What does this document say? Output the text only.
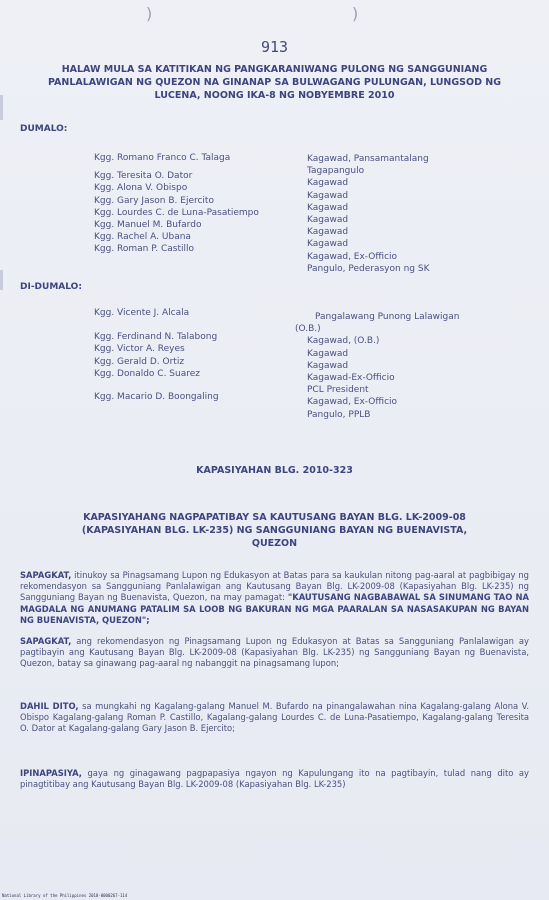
)	)
913
HALAW MULA SA KATITIKAN NG PANGKARANIWANG PULONG NG SANGGUNIANG
PANLALAWIGAN NG QUEZON NA GINANAP SA BULWAGANG PULUNGAN, LUNGSOD NG
LUCENA, NOONG IKA-8 NG NOBYEMBRE 2010
DUMALO:
Kgg. Romano Franco C. Talaga
Kgg. Teresita O. Dator
Kgg. Alona V. Obispo
Kgg. Gary Jason B. Ejercito
Kgg. Lourdes C. de Luna-Pasatiempo
Kgg. Manuel M. Bufardo
Kgg. Rachel A. Ubana
Kgg. Roman P. Castillo
Kagawad, Pansamantalang
Tagapangulo
Kagawad
Kagawad
Kagawad
Kagawad
Kagawad
Kagawad
Kagawad, Ex-Officio
Pangulo, Pederasyon ng SK
DI-DUMALO:
Kgg. Vicente J. Alcala
Kgg. Ferdinand N. Talabong
Kgg. Victor A. Reyes
Kgg. Gerald D. Ortiz
Kgg. Donaldo C. Suarez
Kgg. Macario D. Boongaling
Pangalawang Punong Lalawigan
(O.B.)
Kagawad, (O.B.)
Kagawad
Kagawad
Kagawad-Ex-Officio
PCL President
Kagawad, Ex-Officio
Pangulo, PPLB
KAPASIYAHAN BLG. 2010-323
KAPASIYAHANG NAGPAPATIBAY SA KAUTUSANG BAYAN BLG. LK-2009-08
(KAPASIYAHAN BLG. LK-235) NG SANGGUNIANG BAYAN NG BUENAVISTA,
QUEZON
SAPAGKAT, itinukoy sa Pinagsamang Lupon ng Edukasyon at Batas para sa kaukulan nitong pag-aaral at pagbibigay ng rekomendasyon sa Sangguniang Panlalawigan ang Kautusang Bayan Blg. LK-2009-08 (Kapasiyahan Blg. LK-235) ng Sangguniang Bayan ng Buenavista, Quezon, na may pamagat: "KAUTUSANG NAGBABAWAL SA SINUMANG TAO NA MAGDALA NG ANUMANG PATALIM SA LOOB NG BAKURAN NG MGA PAARALAN SA NASASAKUPAN NG BAYAN NG BUENAVISTA, QUEZON";
SAPAGKAT, ang rekomendasyon ng Pinagsamang Lupon ng Edukasyon at Batas sa Sangguniang Panlalawigan ay pagtibayin ang Kautusang Bayan Blg. LK-2009-08 (Kapasiyahan Blg. LK-235) ng Sangguniang Bayan ng Buenavista, Quezon, batay sa ginawang pag-aaral ng nabanggit na pinagsamang lupon;
DAHIL DITO, sa mungkahi ng Kagalang-galang Manuel M. Bufardo na pinangalawahan nina Kagalang-galang Alona V. Obispo Kagalang-galang Roman P. Castillo, Kagalang-galang Lourdes C. de Luna-Pasatiempo, Kagalang-galang Teresita O. Dator at Kagalang-galang Gary Jason B. Ejercito;
IPINAPASIYA, gaya ng ginagawang pagpapasiya ngayon ng Kapulungang ito na pagtibayin, tulad nang dito ay pinagtitibay ang Kautusang Bayan Blg. LK-2009-08 (Kapasiyahan Blg. LK-235)
National Library of the Philippines 2018-0000267-114
